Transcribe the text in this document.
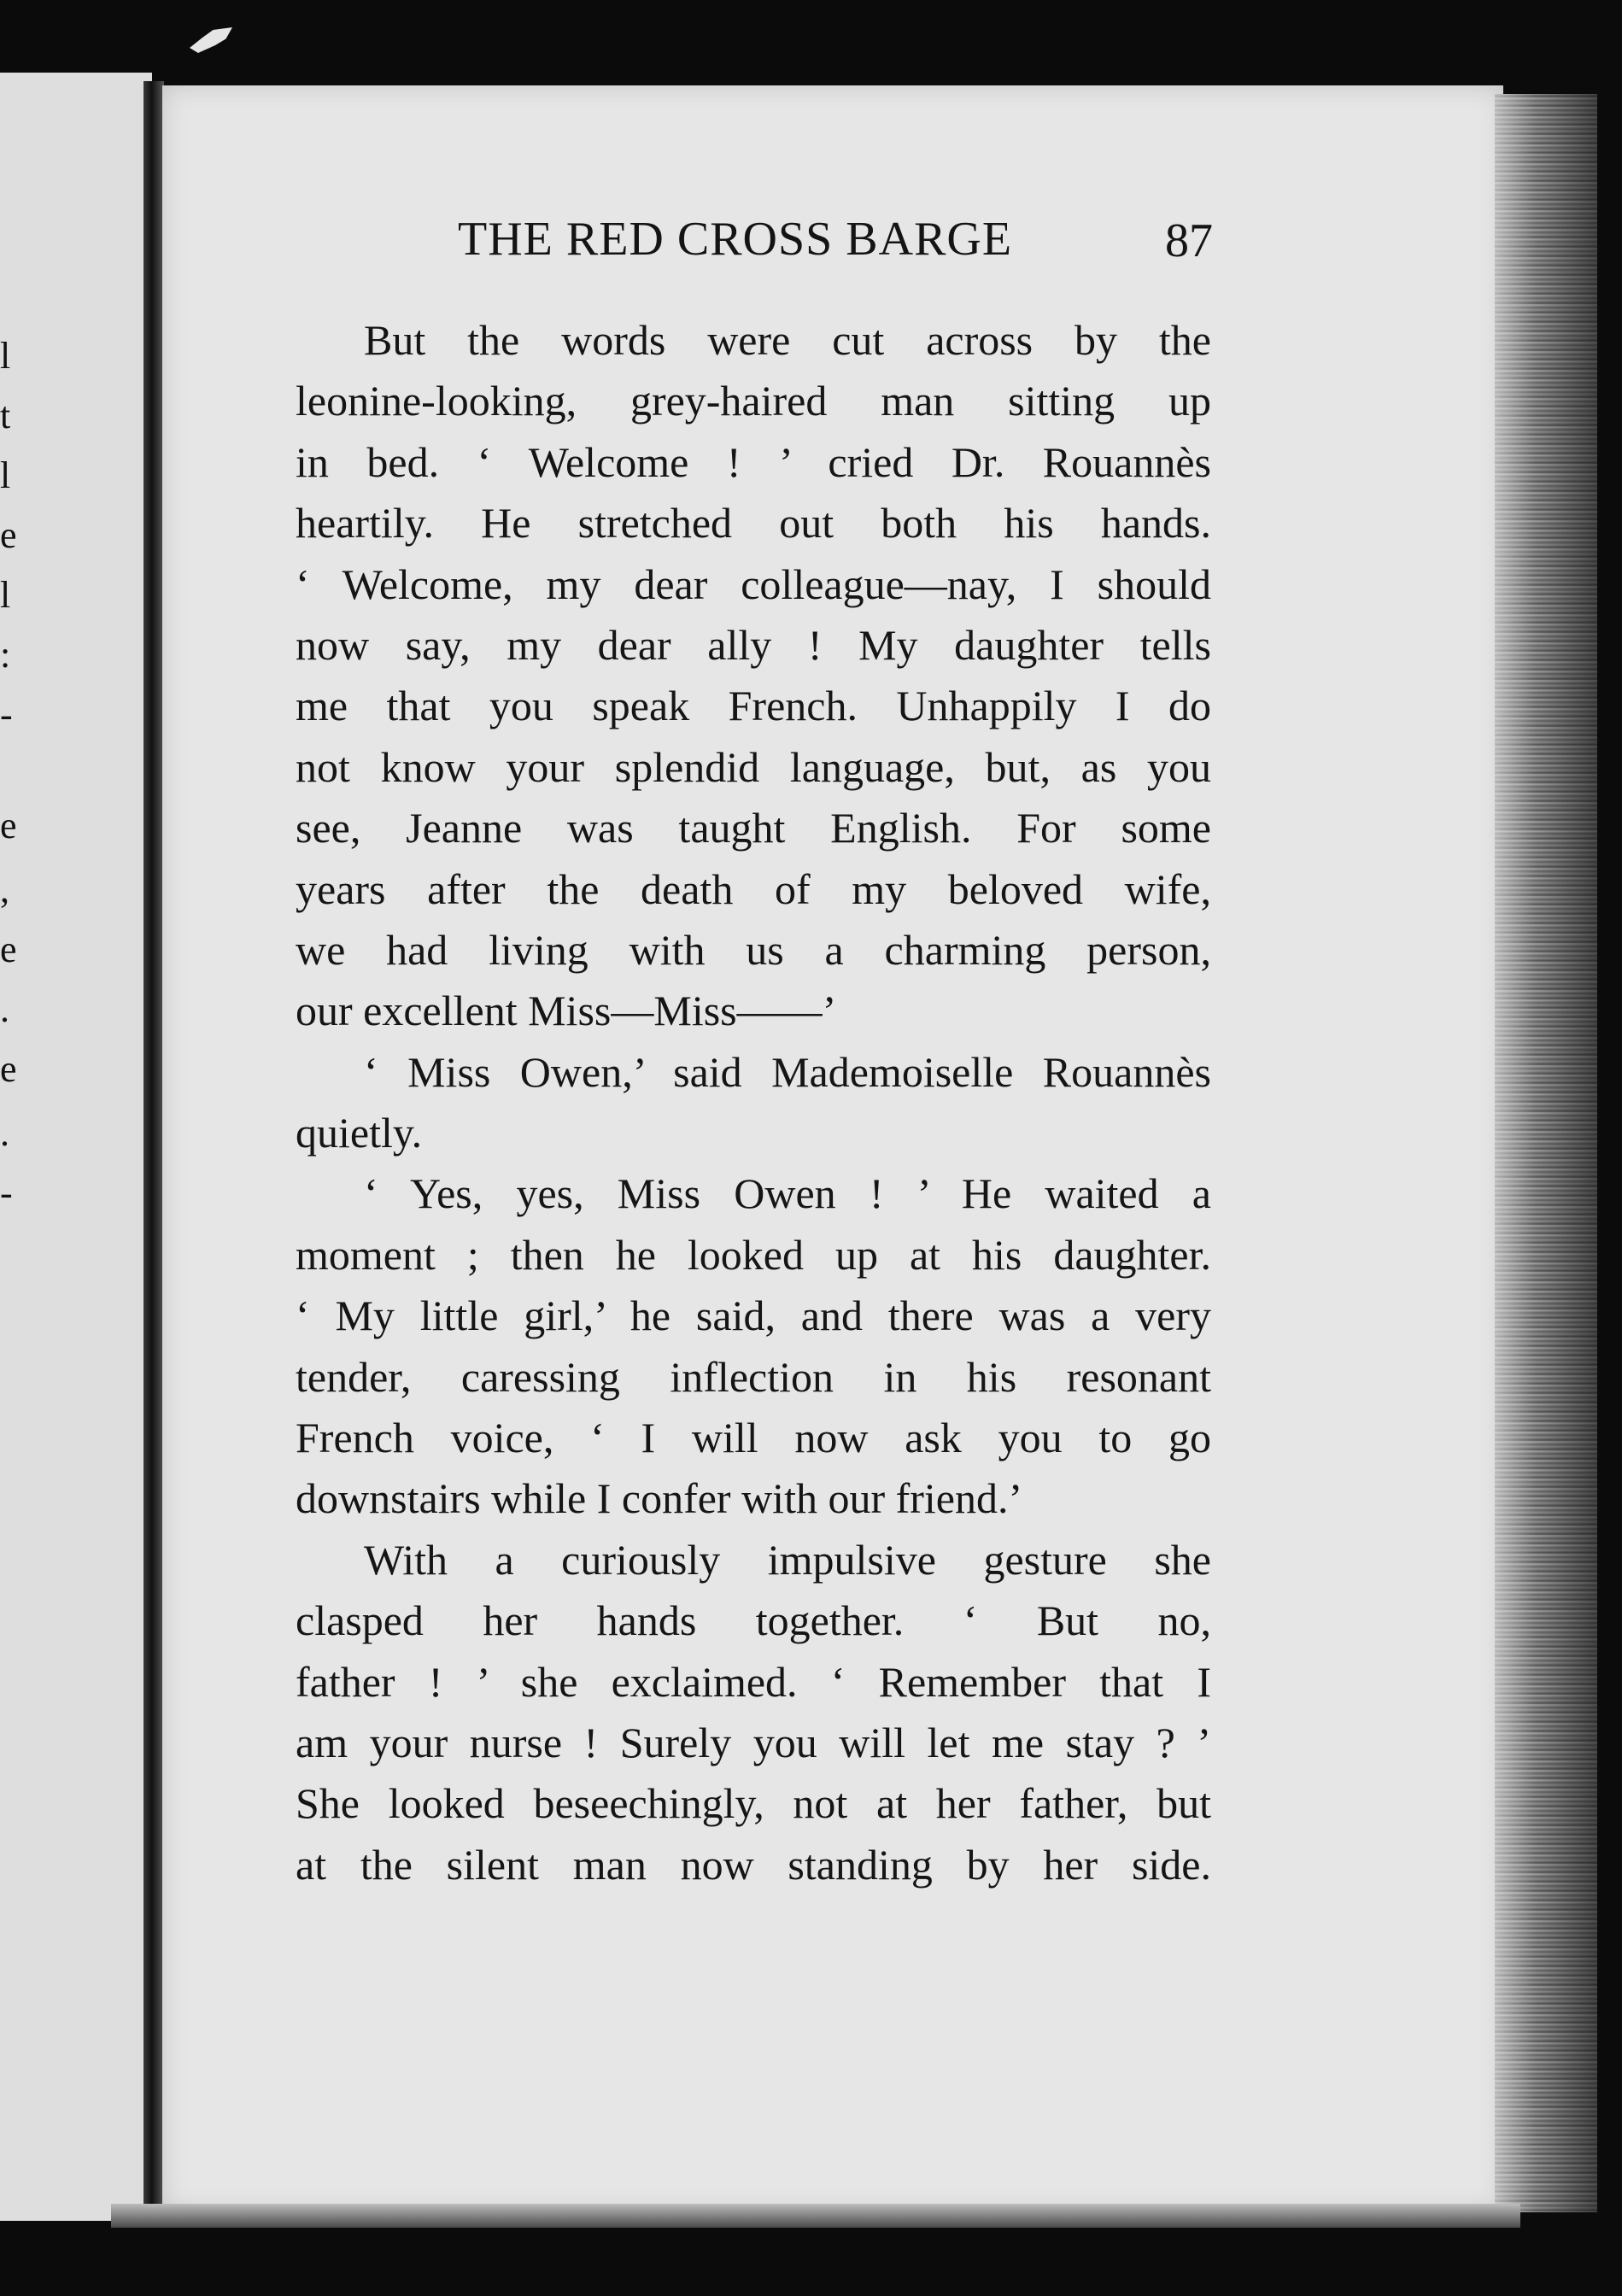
l
t
l
e
l
:
-
e
,
e
.
e
.
-
THE RED CROSS BARGE	87
But the words were cut across by the
leonine-looking, grey-haired man sitting up
in bed. ‘ Welcome ! ’ cried Dr. Rouannès
heartily. He stretched out both his hands.
‘ Welcome, my dear colleague—nay, I should
now say, my dear ally ! My daughter tells
me that you speak French. Unhappily I do
not know your splendid language, but, as you
see, Jeanne was taught English. For some
years after the death of my beloved wife,
we had living with us a charming person,
our excellent Miss—Miss——’
‘ Miss Owen,’ said Mademoiselle Rouannès
quietly.
‘ Yes, yes, Miss Owen ! ’ He waited a
moment ; then he looked up at his daughter.
‘ My little girl,’ he said, and there was a very
tender, caressing inflection in his resonant
French voice, ‘ I will now ask you to go
downstairs while I confer with our friend.’
With a curiously impulsive gesture she
clasped her hands together. ‘ But no,
father ! ’ she exclaimed. ‘ Remember that I
am your nurse ! Surely you will let me stay ? ’
She looked beseechingly, not at her father, but
at the silent man now standing by her side.
